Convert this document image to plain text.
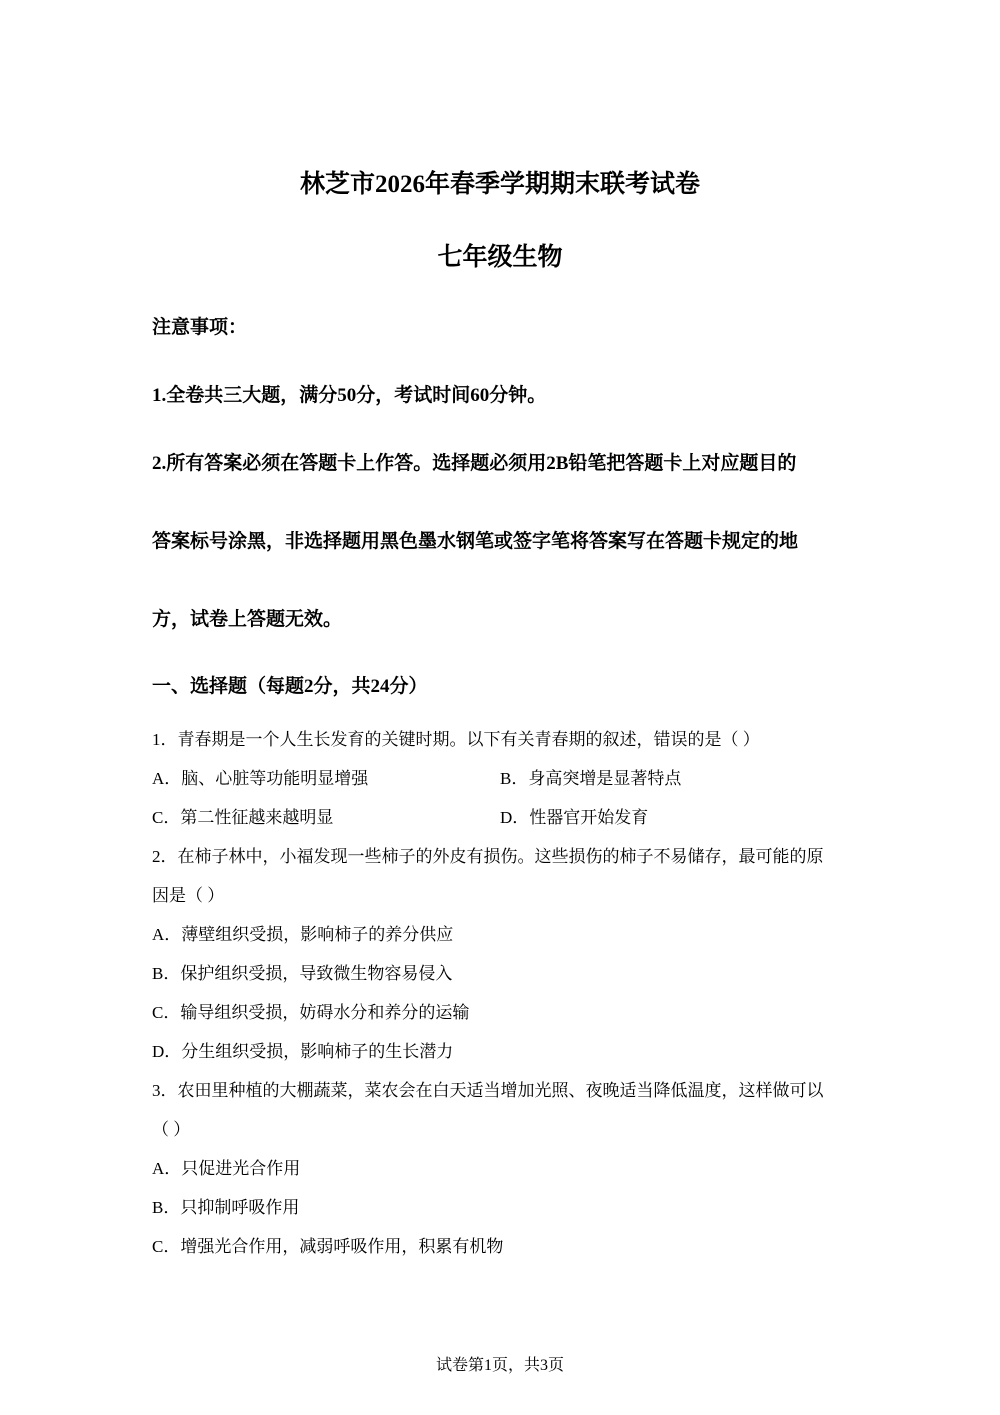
林芝市2026年春季学期期末联考试卷
七年级生物
注意事项：
1.全卷共三大题，满分50分，考试时间60分钟。
2.所有答案必须在答题卡上作答。选择题必须用2B铅笔把答题卡上对应题目的
答案标号涂黑，非选择题用黑色墨水钢笔或签字笔将答案写在答题卡规定的地
方，试卷上答题无效。
一、选择题（每题2分，共24分）
1．青春期是一个人生长发育的关键时期。以下有关青春期的叙述，错误的是（ ）
A．脑、心脏等功能明显增强	B．身高突增是显著特点
C．第二性征越来越明显	D．性器官开始发育
2．在柿子林中，小福发现一些柿子的外皮有损伤。这些损伤的柿子不易储存，最可能的原
因是（ ）
A．薄壁组织受损，影响柿子的养分供应
B．保护组织受损，导致微生物容易侵入
C．输导组织受损，妨碍水分和养分的运输
D．分生组织受损，影响柿子的生长潜力
3．农田里种植的大棚蔬菜，菜农会在白天适当增加光照、夜晚适当降低温度，这样做可以
（ ）
A．只促进光合作用
B．只抑制呼吸作用
C．增强光合作用，减弱呼吸作用，积累有机物
试卷第1页，共3页
